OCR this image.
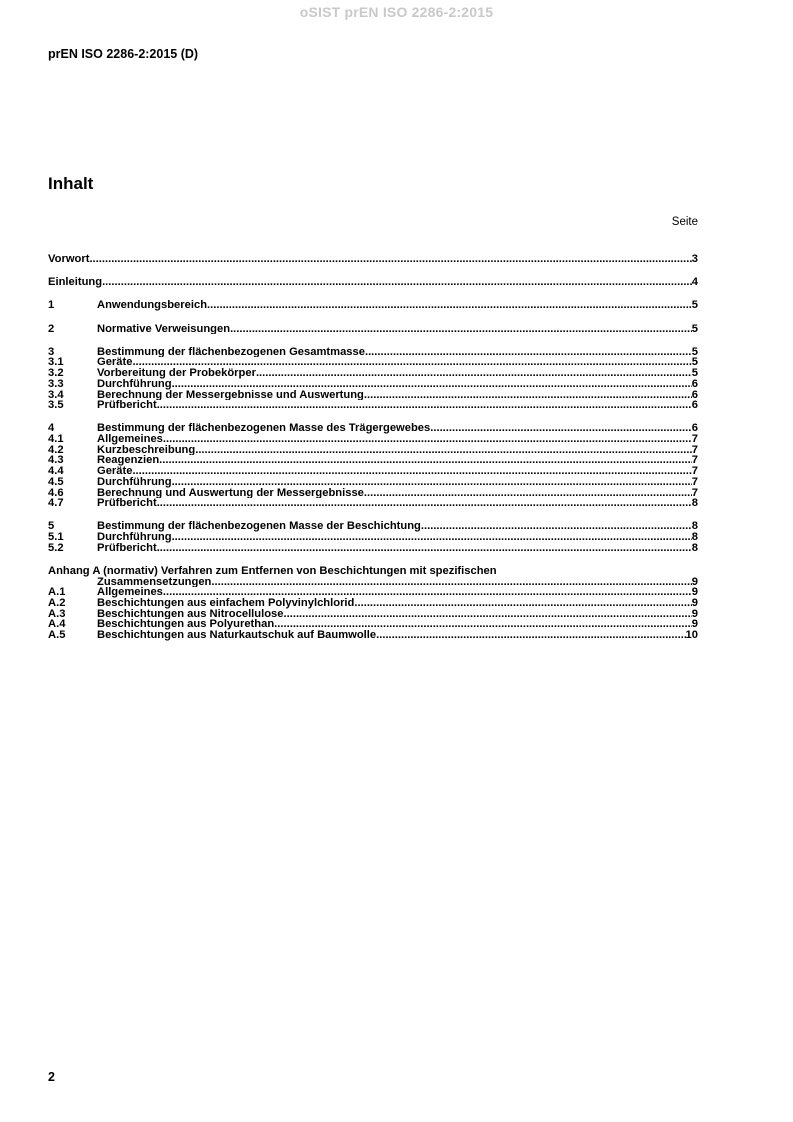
oSIST prEN ISO 2286-2:2015
prEN ISO 2286-2:2015 (D)
Inhalt
Seite
Vorwort .....	3
Einleitung .....	4
1	Anwendungsbereich .....	5
2	Normative Verweisungen .....	5
3	Bestimmung der flächenbezogenen Gesamtmasse .....	5
3.1	Geräte .....	5
3.2	Vorbereitung der Probekörper .....	5
3.3	Durchführung .....	6
3.4	Berechnung der Messergebnisse und Auswertung .....	6
3.5	Prüfbericht .....	6
4	Bestimmung der flächenbezogenen Masse des Trägergewebes .....	6
4.1	Allgemeines .....	7
4.2	Kurzbeschreibung .....	7
4.3	Reagenzien .....	7
4.4	Geräte .....	7
4.5	Durchführung .....	7
4.6	Berechnung und Auswertung der Messergebnisse .....	7
4.7	Prüfbericht .....	8
5	Bestimmung der flächenbezogenen Masse der Beschichtung .....	8
5.1	Durchführung .....	8
5.2	Prüfbericht .....	8
Anhang A (normativ) Verfahren zum Entfernen von Beschichtungen mit spezifischen
Zusammensetzungen .....	9
A.1	Allgemeines .....	9
A.2	Beschichtungen aus einfachem Polyvinylchlorid .....	9
A.3	Beschichtungen aus Nitrocellulose .....	9
A.4	Beschichtungen aus Polyurethan .....	9
A.5	Beschichtungen aus Naturkautschuk auf Baumwolle .....	10
2
